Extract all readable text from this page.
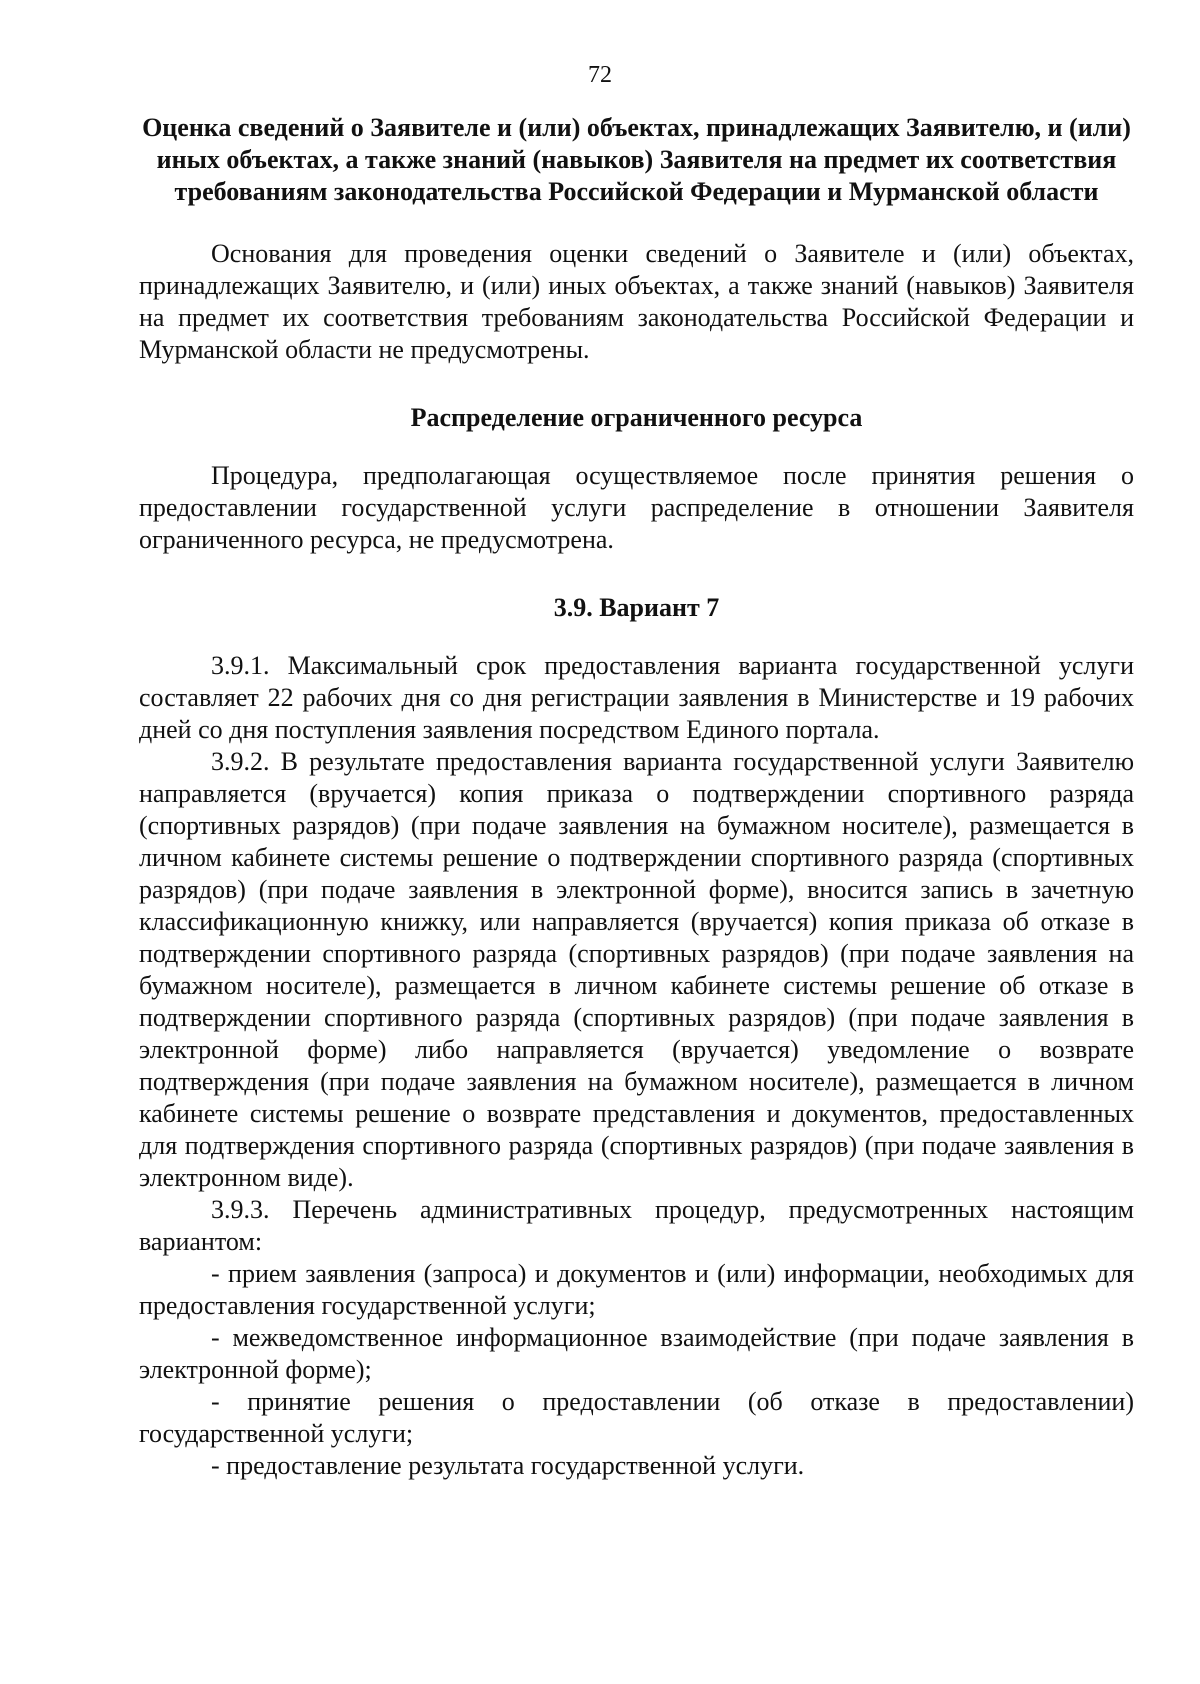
72
Оценка сведений о Заявителе и (или) объектах, принадлежащих Заявителю, и (или) иных объектах, а также знаний (навыков) Заявителя на предмет их соответствия требованиям законодательства Российской Федерации и Мурманской области

Основания для проведения оценки сведений о Заявителе и (или) объектах, принадлежащих Заявителю, и (или) иных объектах, а также знаний (навыков) Заявителя на предмет их соответствия требованиям законодательства Российской Федерации и Мурманской области не предусмотрены.

Распределение ограниченного ресурса

Процедура, предполагающая осуществляемое после принятия решения о предоставлении государственной услуги распределение в отношении Заявителя ограниченного ресурса, не предусмотрена.

3.9. Вариант 7

3.9.1. Максимальный срок предоставления варианта государственной услуги составляет 22 рабочих дня со дня регистрации заявления в Министерстве и 19 рабочих дней со дня поступления заявления посредством Единого портала.

3.9.2. В результате предоставления варианта государственной услуги Заявителю направляется (вручается) копия приказа о подтверждении спортивного разряда (спортивных разрядов) (при подаче заявления на бумажном носителе), размещается в личном кабинете системы решение о подтверждении спортивного разряда (спортивных разрядов) (при подаче заявления в электронной форме), вносится запись в зачетную классификационную книжку, или направляется (вручается) копия приказа об отказе в подтверждении спортивного разряда (спортивных разрядов) (при подаче заявления на бумажном носителе), размещается в личном кабинете системы решение об отказе в подтверждении спортивного разряда (спортивных разрядов) (при подаче заявления в электронной форме) либо направляется (вручается) уведомление о возврате подтверждения (при подаче заявления на бумажном носителе), размещается в личном кабинете системы решение о возврате представления и документов, предоставленных для подтверждения спортивного разряда (спортивных разрядов) (при подаче заявления в электронном виде).

3.9.3. Перечень административных процедур, предусмотренных настоящим вариантом:

- прием заявления (запроса) и документов и (или) информации, необходимых для предоставления государственной услуги;

- межведомственное информационное взаимодействие (при подаче заявления в электронной форме);

- принятие решения о предоставлении (об отказе в предоставлении) государственной услуги;

- предоставление результата государственной услуги.
